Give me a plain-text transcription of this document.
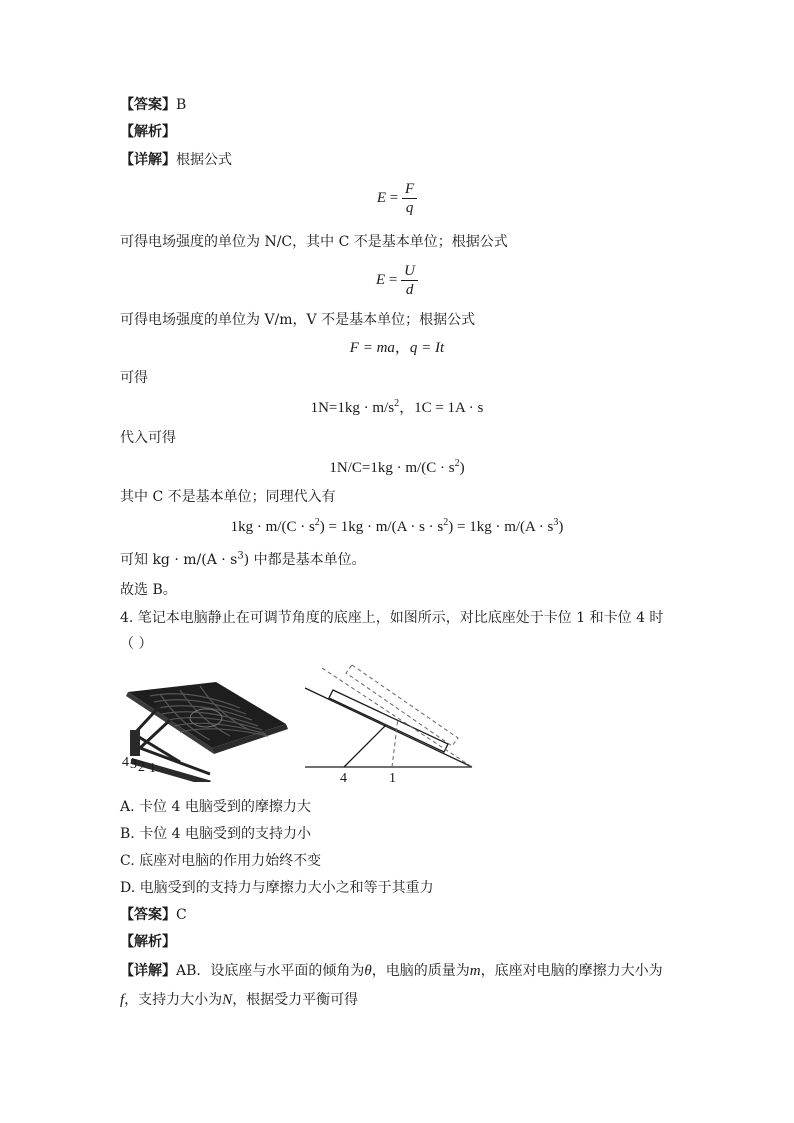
【答案】B
【解析】
【详解】根据公式
$E = \frac{F}{q}$
可得电场强度的单位为 N/C，其中 C 不是基本单位；根据公式
$E = \frac{U}{d}$
可得电场强度的单位为 V/m，V 不是基本单位；根据公式
F = ma，q = It
可得
$1N=1kg \cdot m/s^2$，1C = 1A · s
代入可得
$1N/C=1kg \cdot m/(C \cdot s^2)$
其中 C 不是基本单位；同理代入有
$1kg \cdot m/(C \cdot s^2) = 1kg \cdot m/(A \cdot s \cdot s^2) = 1kg \cdot m/(A \cdot s^3)$
可知 kg · $m/(A \cdot s^3)$ 中都是基本单位。
故选 B。
4. 笔记本电脑静止在可调节角度的底座上，如图所示，对比底座处于卡位 1 和卡位 4 时
（ ）
4 3 2 1
4	1
A. 卡位 4 电脑受到的摩擦力大
B. 卡位 4 电脑受到的支持力小
C. 底座对电脑的作用力始终不变
D. 电脑受到的支持力与摩擦力大小之和等于其重力
【答案】C
【解析】
【详解】AB．设底座与水平面的倾角为θ，电脑的质量为m，底座对电脑的摩擦力大小为
f，支持力大小为N，根据受力平衡可得
